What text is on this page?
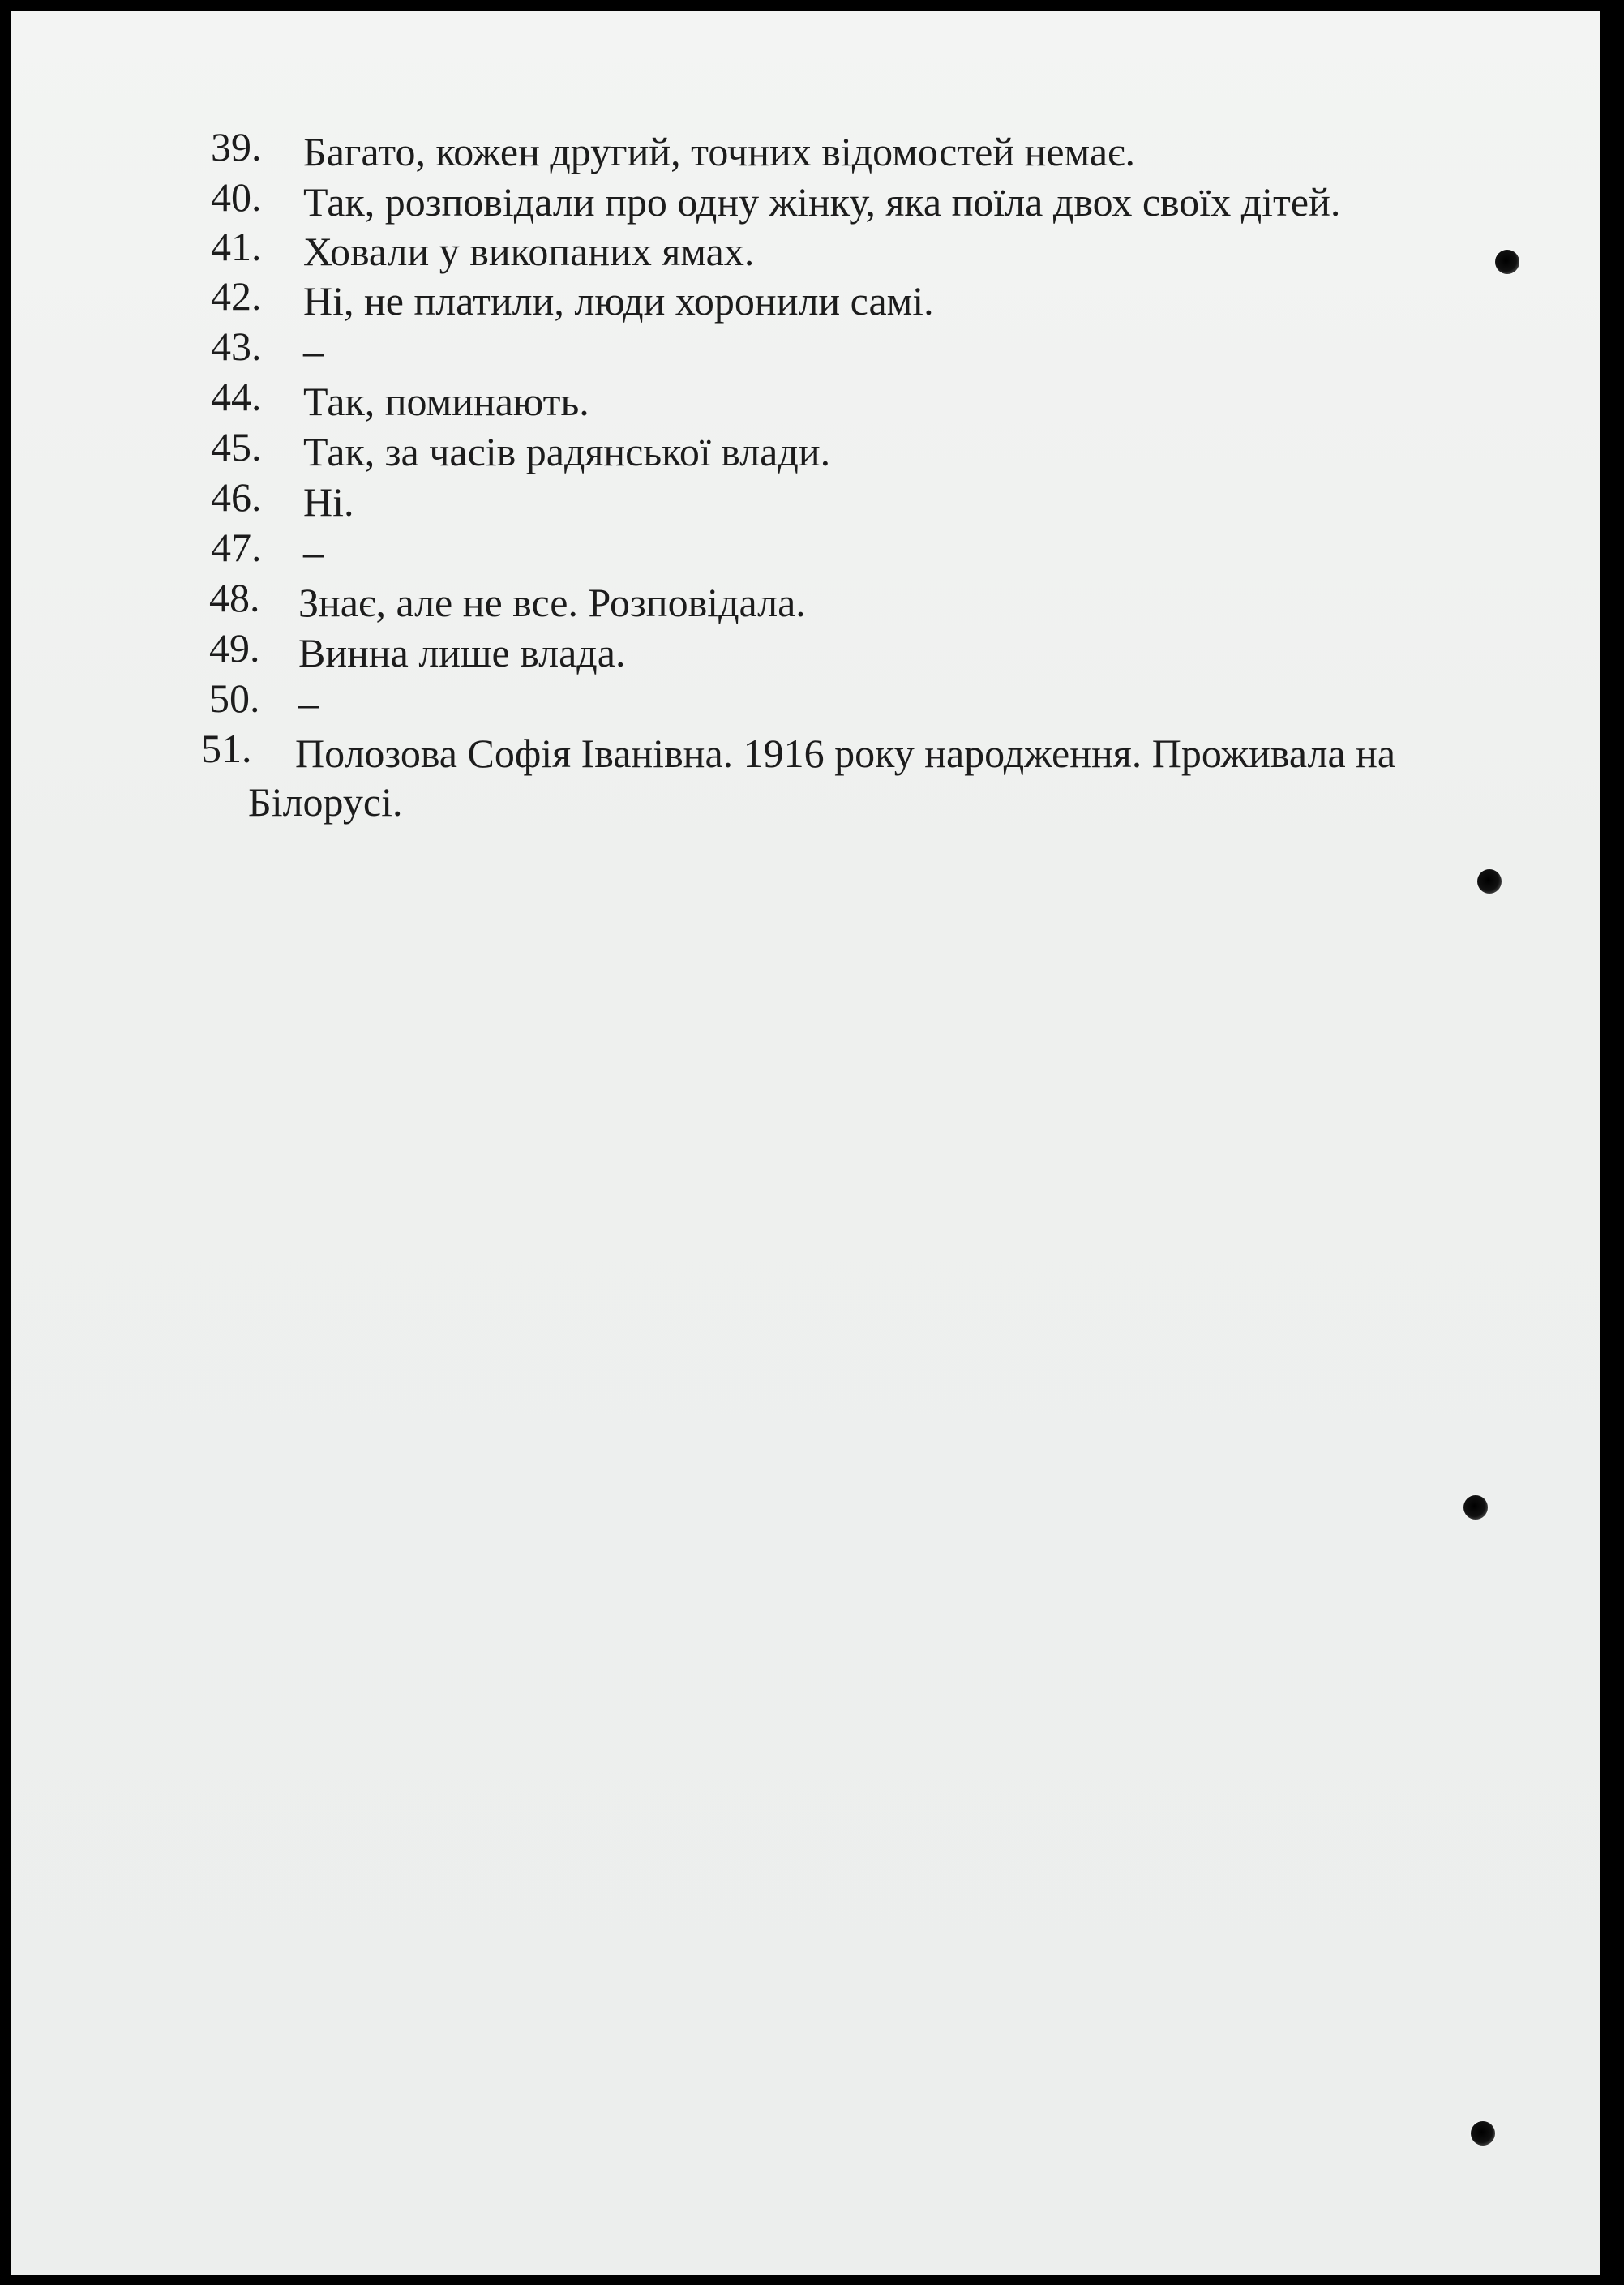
39. Багато, кожен другий, точних відомостей немає.
40. Так, розповідали про одну жінку, яка поїла двох своїх дітей.
41. Ховали у викопаних ямах.
42. Ні, не платили, люди хоронили самі.
43. –
44. Так, поминають.
45. Так, за часів радянської влади.
46. Ні.
47. –
48. Знає, але не все. Розповідала.
49. Винна лише влада.
50. –
51. Полозова Софія Іванівна. 1916 року народження. Проживала на
Білорусі.
